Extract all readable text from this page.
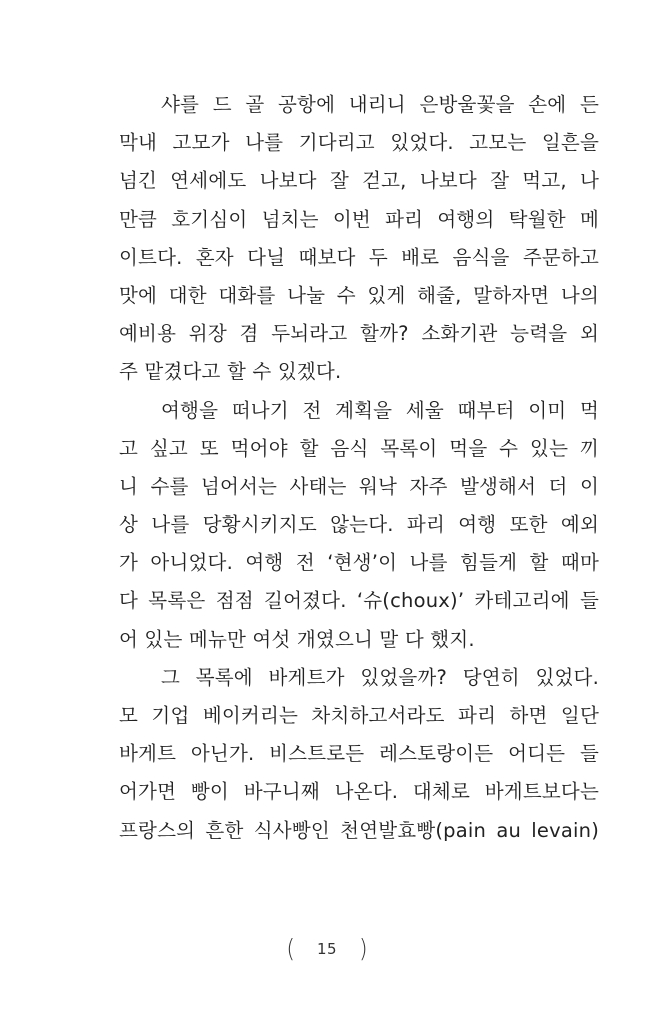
샤를 드 골 공항에 내리니 은방울꽃을 손에 든
막내 고모가 나를 기다리고 있었다. 고모는 일흔을
넘긴 연세에도 나보다 잘 걷고, 나보다 잘 먹고, 나
만큼 호기심이 넘치는 이번 파리 여행의 탁월한 메
이트다. 혼자 다닐 때보다 두 배로 음식을 주문하고
맛에 대한 대화를 나눌 수 있게 해줄, 말하자면 나의
예비용 위장 겸 두뇌라고 할까? 소화기관 능력을 외
주 맡겼다고 할 수 있겠다.
여행을 떠나기 전 계획을 세울 때부터 이미 먹
고 싶고 또 먹어야 할 음식 목록이 먹을 수 있는 끼
니 수를 넘어서는 사태는 워낙 자주 발생해서 더 이
상 나를 당황시키지도 않는다. 파리 여행 또한 예외
가 아니었다. 여행 전 ‘현생’이 나를 힘들게 할 때마
다 목록은 점점 길어졌다. ‘슈(choux)’ 카테고리에 들
어 있는 메뉴만 여섯 개였으니 말 다 했지.
그 목록에 바게트가 있었을까? 당연히 있었다.
모 기업 베이커리는 차치하고서라도 파리 하면 일단
바게트 아닌가. 비스트로든 레스토랑이든 어디든 들
어가면 빵이 바구니째 나온다. 대체로 바게트보다는
프랑스의 흔한 식사빵인 천연발효빵(pain au levain)
( 15 )
